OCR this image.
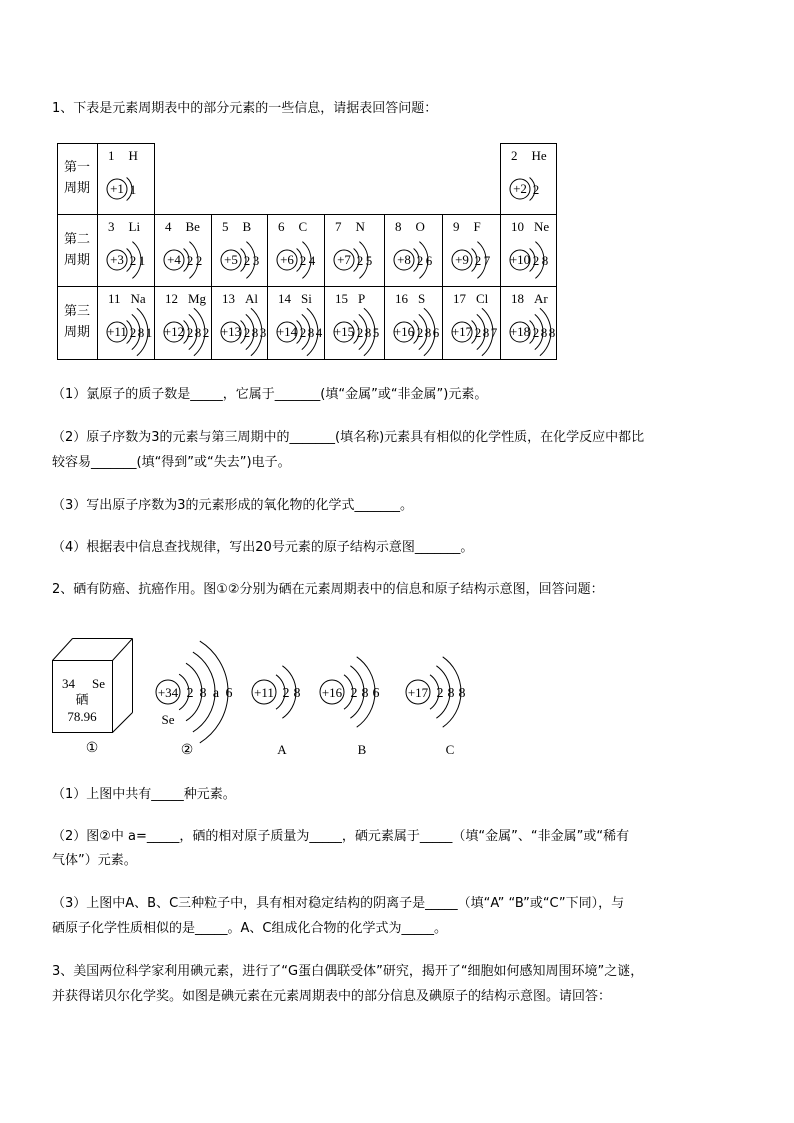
1、下表是元素周期表中的部分元素的一些信息，请据表回答问题：
第一
周期
第二
周期
第三
周期
1 H
+1 1
2 He
+2 2
3 Li
+3 2 1
4 Be
+4 2 2
5 B
+5 2 3
6 C
+6 2 4
7 N
+7 2 5
8 O
+8 2 6
9 F
+9 2 7
10 Ne
+10 2 8
11 Na
+11 2 8 1
12 Mg
+12 2 8 2
13 Al
+13 2 8 3
14 Si
+14 2 8 4
15 P
+15 2 8 5
16 S
+16 2 8 6
17 Cl
+17 2 8 7
18 Ar
+18 2 8 8
（1）氯原子的质子数是_____，它属于_______(填“金属”或“非金属”)元素。
（2）原子序数为3的元素与第三周期中的_______(填名称)元素具有相似的化学性质，在化学反应中都比
较容易_______(填“得到”或“失去”)电子。
（3）写出原子序数为3的元素形成的氧化物的化学式_______。
（4）根据表中信息查找规律，写出20号元素的原子结构示意图_______。
2、硒有防癌、抗癌作用。图①②分别为硒在元素周期表中的信息和原子结构示意图，回答问题：
34 Se
硒
78.96
①
+34 2 8 a 6
Se
②
+11 2 8
A
+16 2 8 6
B
+17 2 8 8
C
（1）上图中共有_____种元素。
（2）图②中 a=_____，硒的相对原子质量为_____，硒元素属于_____（填“金属”、“非金属”或“稀有
气体”）元素。
（3）上图中A、B、C三种粒子中，具有相对稳定结构的阴离子是_____（填“A” “B”或“C”下同），与
硒原子化学性质相似的是_____。A、C组成化合物的化学式为_____。
3、美国两位科学家利用碘元素，进行了“G蛋白偶联受体”研究，揭开了“细胞如何感知周围环境”之谜，
并获得诺贝尔化学奖。如图是碘元素在元素周期表中的部分信息及碘原子的结构示意图。请回答：
